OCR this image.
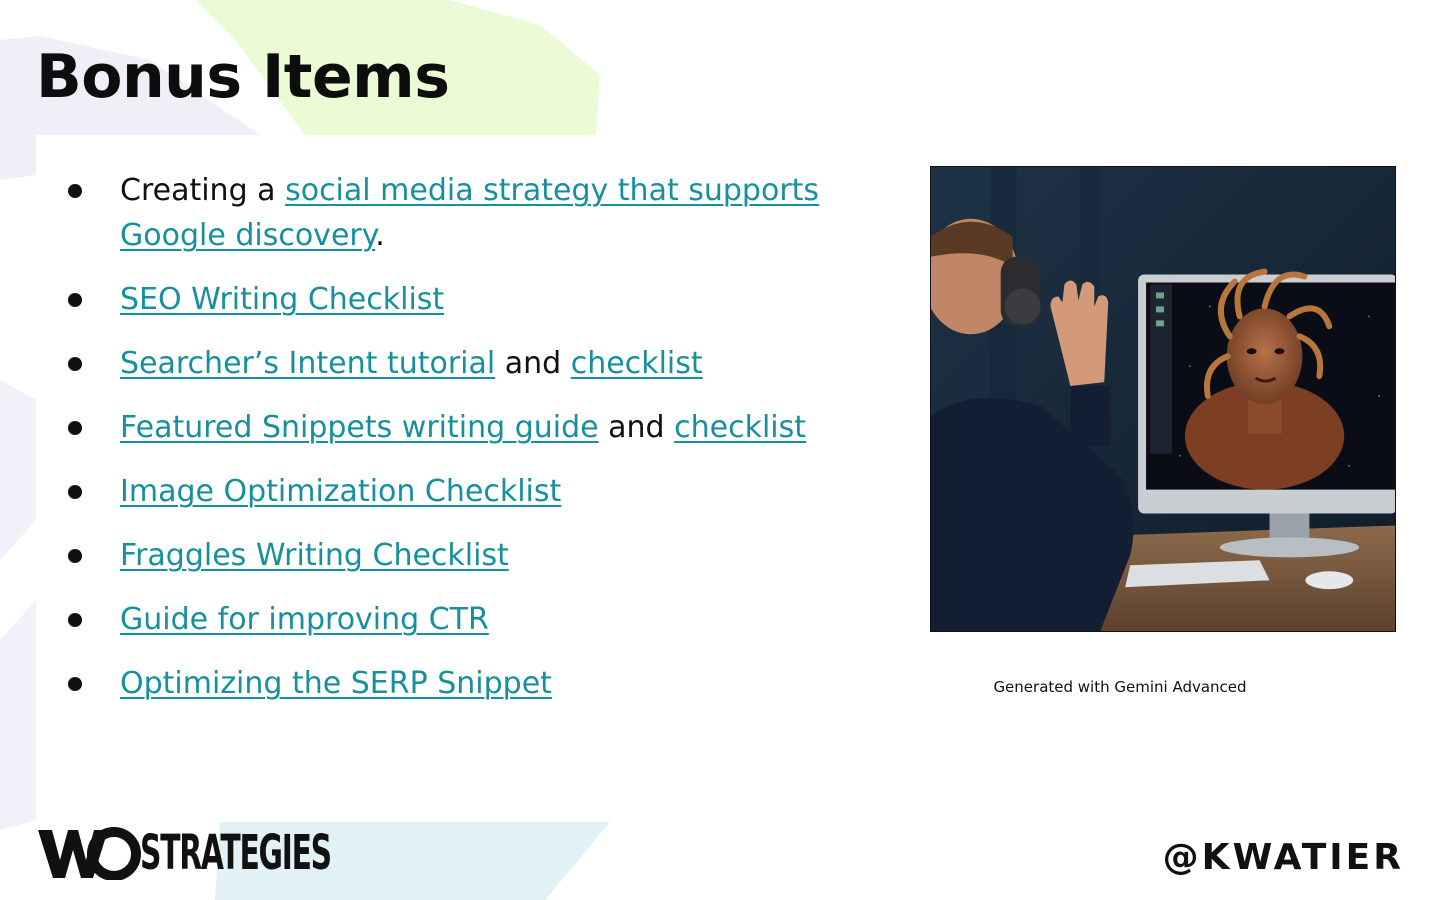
Bonus Items
Creating a social media strategy that supports Google discovery.
SEO Writing Checklist
Searcher’s Intent tutorial and checklist
Featured Snippets writing guide and checklist
Image Optimization Checklist
Fraggles Writing Checklist
Guide for improving CTR
Optimizing the SERP Snippet	Generated with Gemini Advanced
STRATEGIES	@KWATIER
